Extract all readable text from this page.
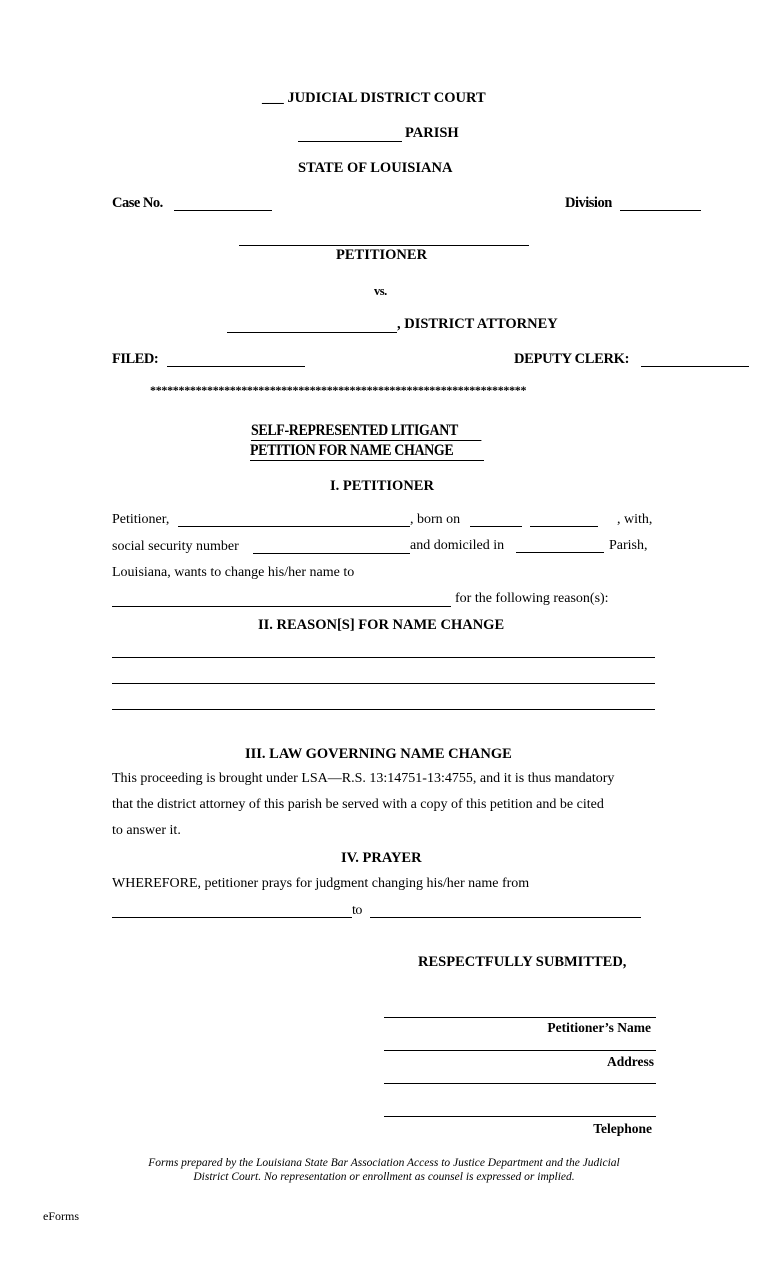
___ JUDICIAL DISTRICT COURT
PARISH
STATE OF LOUISIANA
Case No.	Division
PETITIONER
vs.
, DISTRICT ATTORNEY
FILED:	DEPUTY CLERK:
******************************************************************
SELF-REPRESENTED LITIGANT
PETITION FOR NAME CHANGE
I. PETITIONER
Petitioner,	, born on	, with,
social security number	and domiciled in	Parish,
Louisiana, wants to change his/her name to
for the following reason(s):
II. REASON[S] FOR NAME CHANGE
III. LAW GOVERNING NAME CHANGE
This proceeding is brought under LSA—R.S. 13:14751-13:4755, and it is thus mandatory
that the district attorney of this parish be served with a copy of this petition and be cited
to answer it.
IV. PRAYER
WHEREFORE, petitioner prays for judgment changing his/her name from
to
RESPECTFULLY SUBMITTED,
Petitioner’s Name
Address
Telephone
Forms prepared by the Louisiana State Bar Association Access to Justice Department and the Judicial
District Court. No representation or enrollment as counsel is expressed or implied.
eForms
